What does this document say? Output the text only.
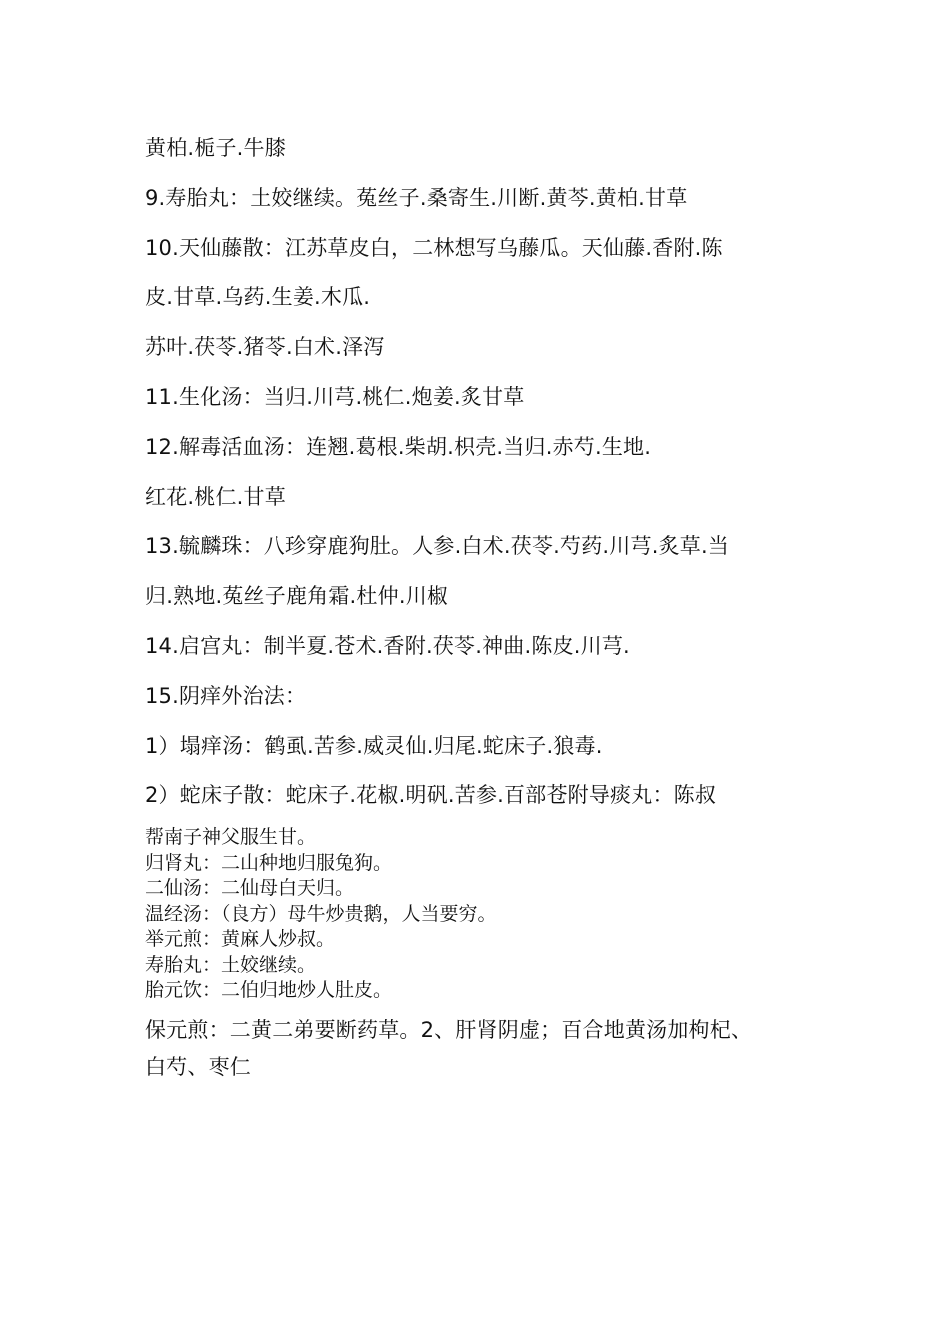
黄柏.栀子.牛膝
9.寿胎丸：土姣继续。菟丝子.桑寄生.川断.黄芩.黄柏.甘草
10.天仙藤散：江苏草皮白，二林想写乌藤瓜。天仙藤.香附.陈
皮.甘草.乌药.生姜.木瓜.
苏叶.茯苓.猪苓.白术.泽泻
11.生化汤：当归.川芎.桃仁.炮姜.炙甘草
12.解毒活血汤：连翘.葛根.柴胡.枳壳.当归.赤芍.生地.
红花.桃仁.甘草
13.毓麟珠：八珍穿鹿狗肚。人参.白术.茯苓.芍药.川芎.炙草.当
归.熟地.菟丝子鹿角霜.杜仲.川椒
14.启宫丸：制半夏.苍术.香附.茯苓.神曲.陈皮.川芎.
15.阴痒外治法：
1）塌痒汤：鹤虱.苦参.威灵仙.归尾.蛇床子.狼毒.
2）蛇床子散：蛇床子.花椒.明矾.苦参.百部苍附导痰丸：陈叔
帮南子神父服生甘。
归肾丸：二山种地归服兔狗。
二仙汤：二仙母白天归。
温经汤：（良方）母牛炒贵鹅，人当要穷。
举元煎：黄麻人炒叔。
寿胎丸：土姣继续。
胎元饮：二伯归地炒人肚皮。
保元煎：二黄二弟要断药草。2、肝肾阴虚；百合地黄汤加枸杞、
白芍、枣仁
